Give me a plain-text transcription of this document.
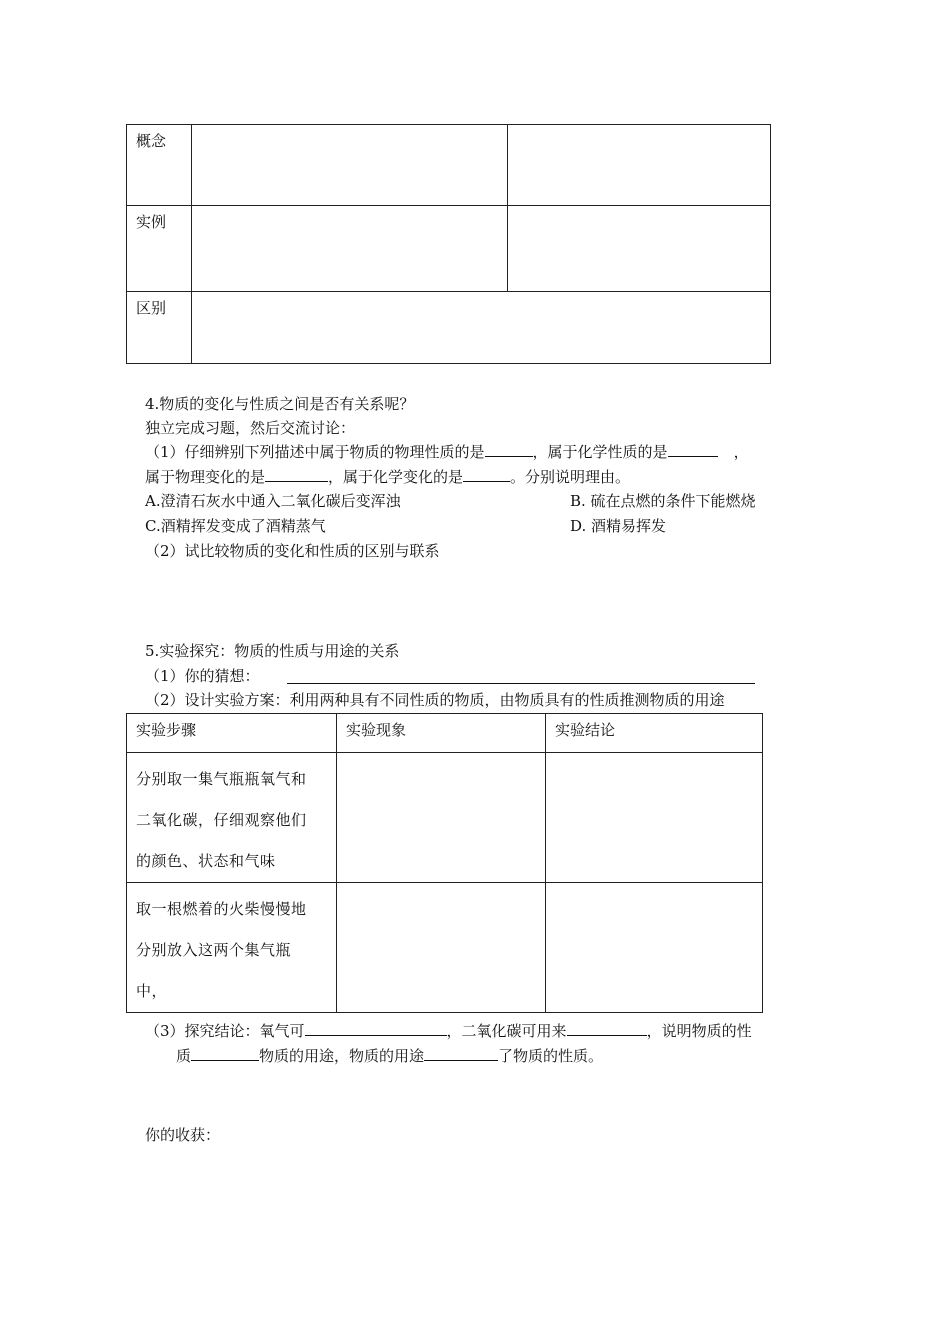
概念		

实例		

区别		

4.物质的变化与性质之间是否有关系呢？
独立完成习题，然后交流讨论：
（1）仔细辨别下列描述中属于物质的物理性质的是	，属于化学性质的是	，
属于物理变化的是	，属于化学变化的是	。分别说明理由。
A.澄清石灰水中通入二氧化碳后变浑浊	B. 硫在点燃的条件下能燃烧
C.酒精挥发变成了酒精蒸气	D. 酒精易挥发
（2）试比较物质的变化和性质的区别与联系
5.实验探究：物质的性质与用途的关系
（1）你的猜想：
（2）设计实验方案：利用两种具有不同性质的物质，由物质具有的性质推测物质的用途
实验步骤	实验现象	实验结论

分别取一集气瓶瓶氧气和
二氧化碳，仔细观察他们
的颜色、状态和气味		

取一根燃着的火柴慢慢地
分别放入这两个集气瓶
中，		

（3）探究结论：氧气可	，二氧化碳可用来	，说明物质的性
质	物质的用途，物质的用途	了物质的性质。
你的收获：
